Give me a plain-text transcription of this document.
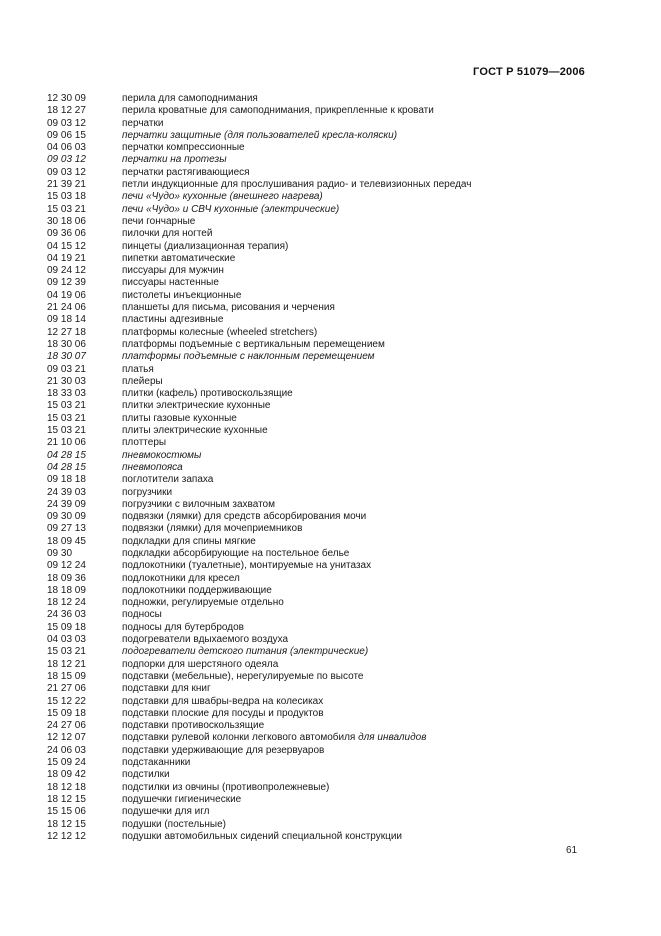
ГОСТ Р 51079—2006
12 30 09	перила для самоподнимания
18 12 27	перила кроватные для самоподнимания, прикрепленные к кровати
09 03 12	перчатки
09 06 15	перчатки защитные (для пользователей кресла-коляски)
04 06 03	перчатки компрессионные
09 03 12	перчатки на протезы
09 03 12	перчатки растягивающиеся
21 39 21	петли индукционные для прослушивания радио- и телевизионных передач
15 03 18	печи «Чудо» кухонные (внешнего нагрева)
15 03 21	печи «Чудо» и СВЧ кухонные (электрические)
30 18 06	печи гончарные
09 36 06	пилочки для ногтей
04 15 12	пинцеты (диализационная терапия)
04 19 21	пипетки автоматические
09 24 12	писсуары для мужчин
09 12 39	писсуары настенные
04 19 06	пистолеты инъекционные
21 24 06	планшеты для письма, рисования и черчения
09 18 14	пластины адгезивные
12 27 18	платформы колесные (wheeled stretchers)
18 30 06	платформы подъемные с вертикальным перемещением
18 30 07	платформы подъемные с наклонным перемещением
09 03 21	платья
21 30 03	плейеры
18 33 03	плитки (кафель) противоскользящие
15 03 21	плитки электрические кухонные
15 03 21	плиты газовые кухонные
15 03 21	плиты электрические кухонные
21 10 06	плоттеры
04 28 15	пневмокостюмы
04 28 15	пневмопояса
09 18 18	поглотители запаха
24 39 03	погрузчики
24 39 09	погрузчики с вилочным захватом
09 30 09	подвязки (лямки) для средств абсорбирования мочи
09 27 13	подвязки (лямки) для мочеприемников
18 09 45	подкладки для спины мягкие
09 30	подкладки абсорбирующие на постельное белье
09 12 24	подлокотники (туалетные), монтируемые на унитазах
18 09 36	подлокотники для кресел
18 18 09	подлокотники поддерживающие
18 12 24	подножки, регулируемые отдельно
24 36 03	подносы
15 09 18	подносы для бутербродов
04 03 03	подогреватели вдыхаемого воздуха
15 03 21	подогреватели детского питания (электрические)
18 12 21	подпорки для шерстяного одеяла
18 15 09	подставки (мебельные), нерегулируемые по высоте
21 27 06	подставки для книг
15 12 22	подставки для швабры-ведра на колесиках
15 09 18	подставки плоские для посуды и продуктов
24 27 06	подставки противоскользящие
12 12 07	подставки рулевой колонки легкового автомобиля для инвалидов
24 06 03	подставки удерживающие для резервуаров
15 09 24	подстаканники
18 09 42	подстилки
18 12 18	подстилки из овчины (противопролежневые)
18 12 15	подушечки гигиенические
15 15 06	подушечки для игл
18 12 15	подушки (постельные)
12 12 12	подушки автомобильных сидений специальной конструкции
61
